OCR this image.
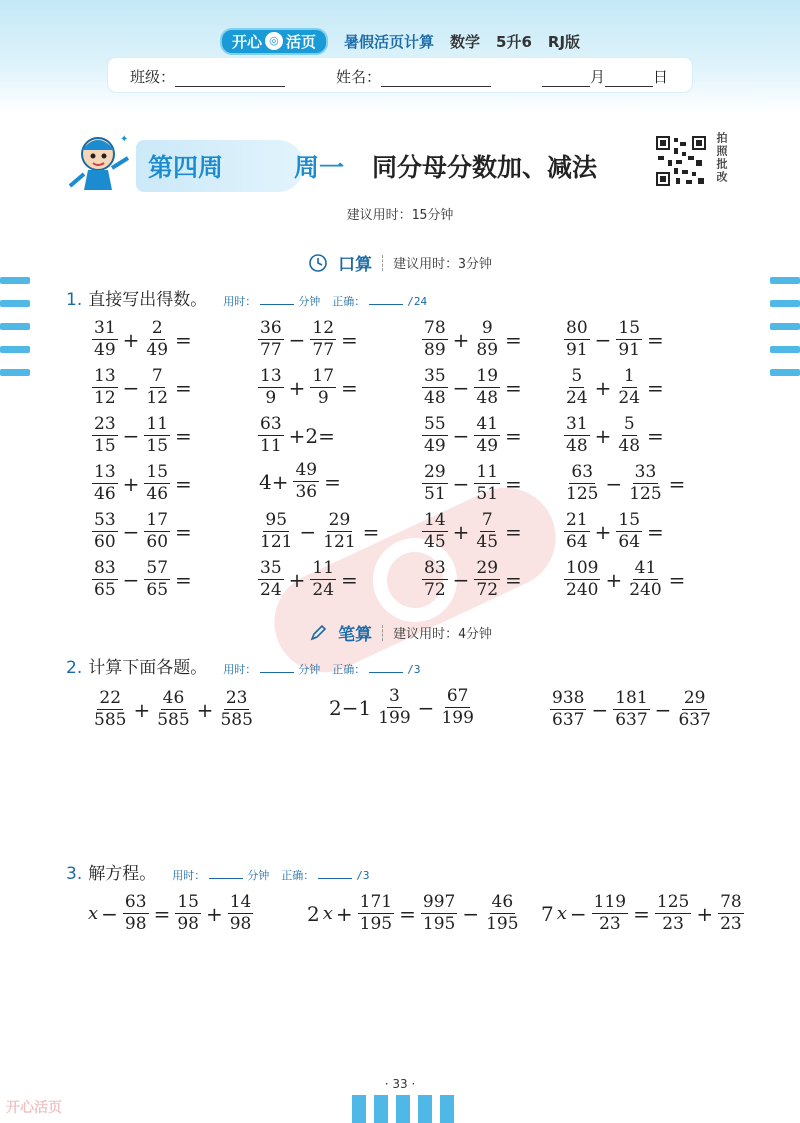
开心 ◎ 活页 暑假活页计算 数学 5升6 RJ版
班级：	姓名：	月	日
✦
第四周	周一 同分母分数加、减法	拍照批改
建议用时：15分钟
口算 建议用时：3分钟
1. 直接写出得数。 用时：	分钟 正确：	/24
$\frac{31}{49} + \frac{2}{49}$ =	$\frac{36}{77} - \frac{12}{77}$ =	$\frac{78}{89} + \frac{9}{89} = \frac{80}{91} - \frac{15}{91}$ =
$\frac{13}{12} - \frac{7}{12}$ =	$\frac{13}{9} + \frac{17}{9}$ =	$\frac{35}{48} - \frac{19}{48} = \frac{5}{24} + \frac{1}{24}$ =
$\frac{23}{15} - \frac{11}{15}$ =	$\frac{63}{11} +2=$	$\frac{55}{49} - \frac{41}{49} = \frac{31}{48} + \frac{5}{48}$ =
$\frac{13}{46} + \frac{15}{46}$ =	$4+ \frac{49}{36}$ =	$\frac{29}{51} - \frac{11}{51} = \frac{63}{125} - \frac{33}{125}$ =
$\frac{53}{60} - \frac{17}{60}$ =	$\frac{95}{121} - \frac{29}{121}$ =	$\frac{14}{45} + \frac{7}{45} = \frac{21}{64} + \frac{15}{64}$ =
$\frac{83}{65} - \frac{57}{65}$ =	$\frac{35}{24} + \frac{11}{24}$ =	$\frac{83}{72} - \frac{29}{72} = \frac{109}{240} + \frac{41}{240}$ =
笔算 建议用时：4分钟
2. 计算下面各题。 用时：	分钟 正确：	/3
$\frac{22}{585} + \frac{46}{585} + \frac{23}{585}$	$2-1 \frac{3}{199} - \frac{67}{199}$	$\frac{938}{637} - \frac{181}{637} - \frac{29}{637}$
3. 解方程。 用时：	分钟 正确：	/3
$x - \frac{63}{98} = \frac{15}{98} + \frac{14}{98}$	2 $x + \frac{171}{195} = \frac{997}{195} - \frac{46}{195} 7$ $x - \frac{119}{23} = \frac{125}{23} + \frac{78}{23}$
· 33 ·
开心活页
